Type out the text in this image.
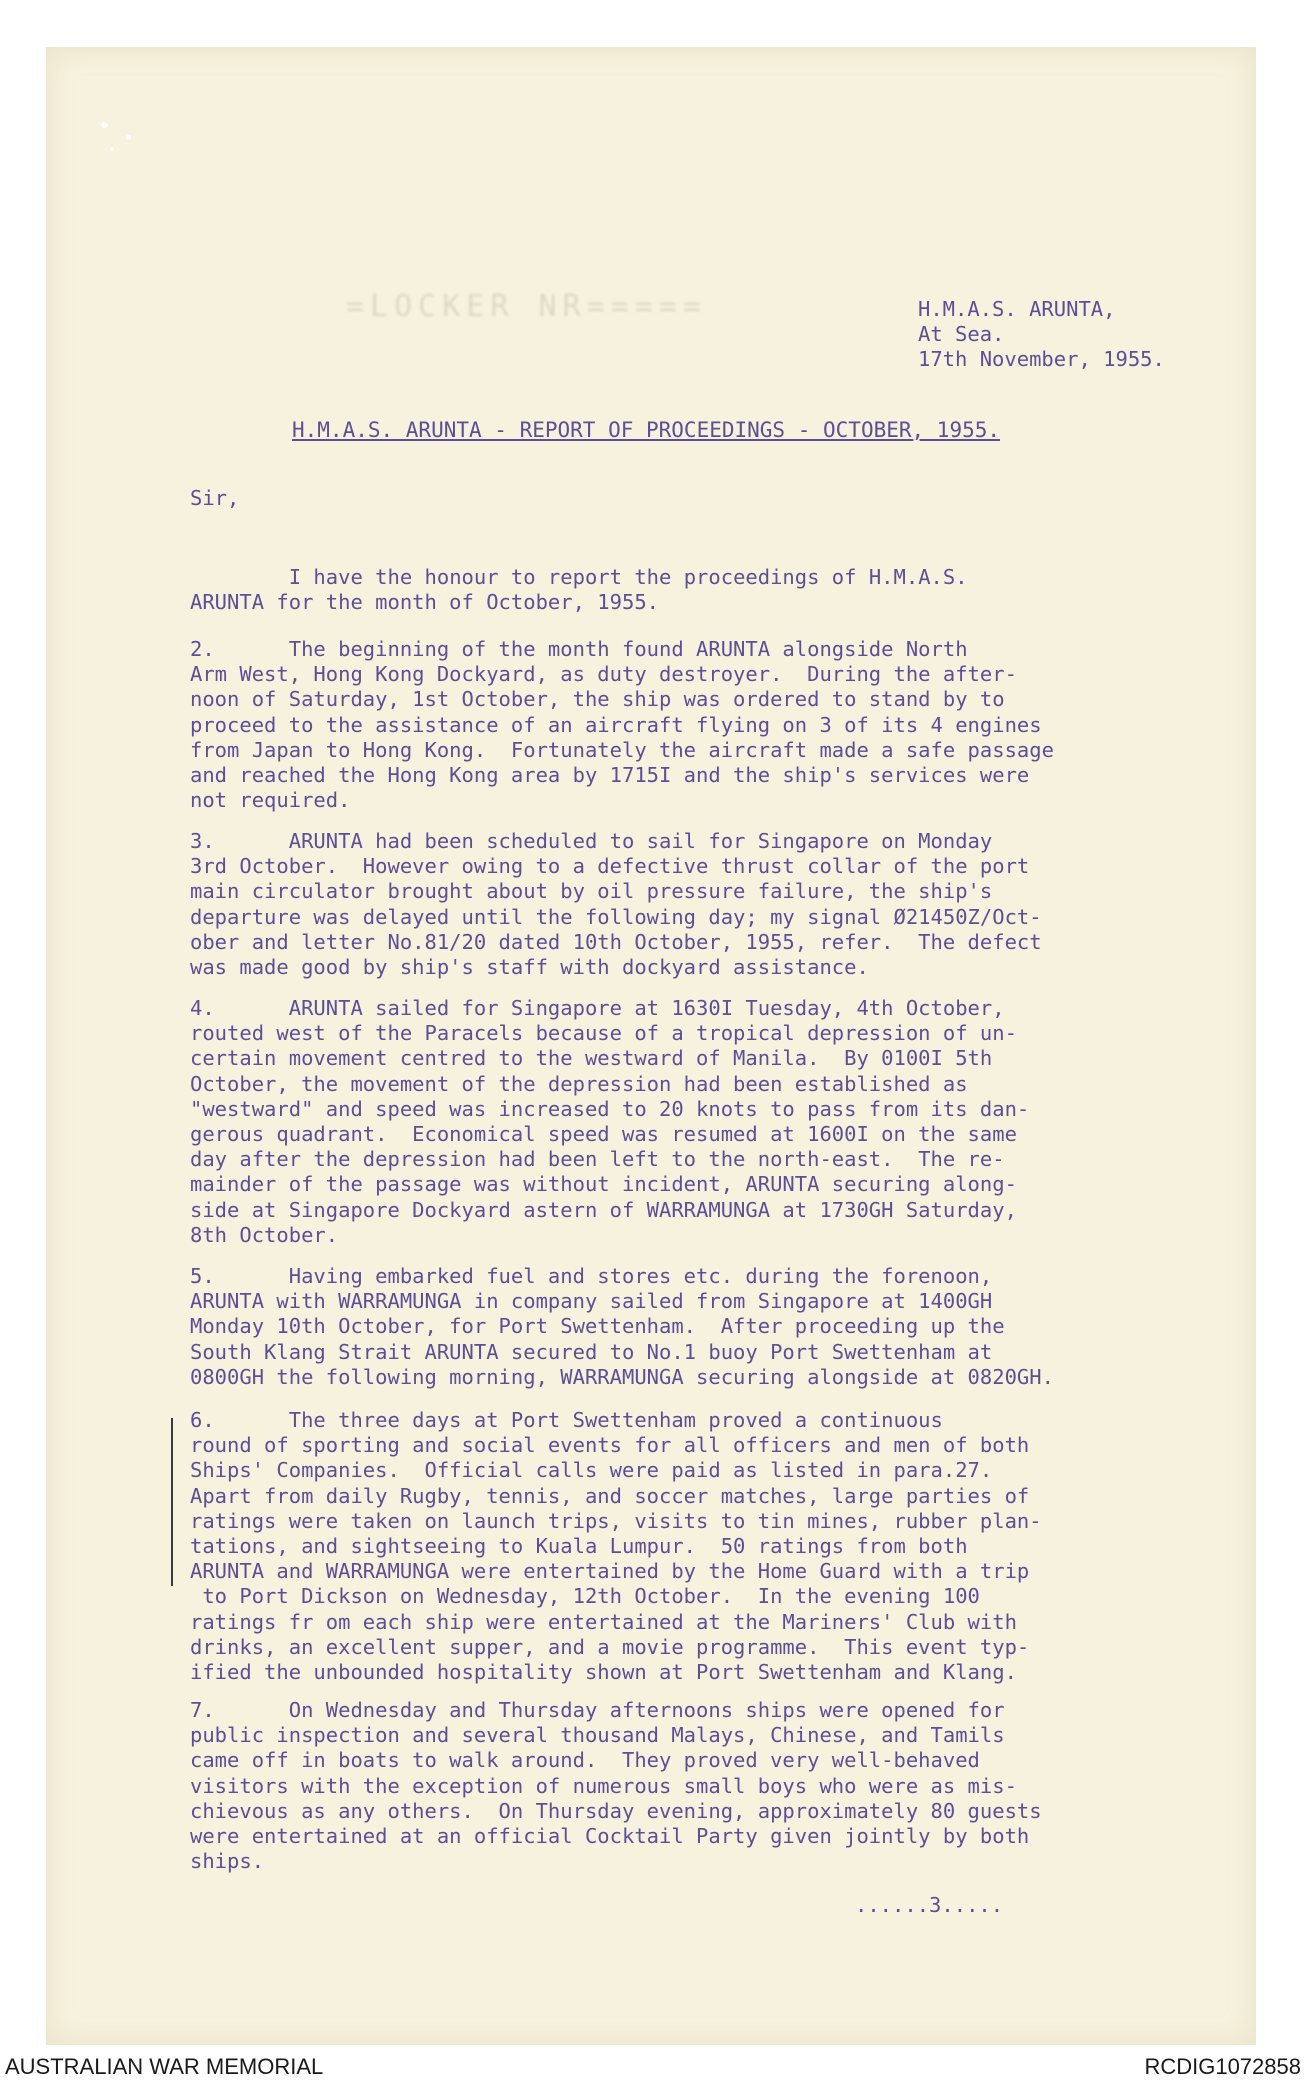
=LOCKER NR=====	H.M.A.S. ARUNTA,
At Sea.
17th November, 1955.
H.M.A.S. ARUNTA - REPORT OF PROCEEDINGS - OCTOBER, 1955.
Sir,
I have the honour to report the proceedings of H.M.A.S.
ARUNTA for the month of October, 1955.
2.      The beginning of the month found ARUNTA alongside North
Arm West, Hong Kong Dockyard, as duty destroyer.  During the after-
noon of Saturday, 1st October, the ship was ordered to stand by to
proceed to the assistance of an aircraft flying on 3 of its 4 engines
from Japan to Hong Kong.  Fortunately the aircraft made a safe passage
and reached the Hong Kong area by 1715I and the ship's services were
not required.
3.      ARUNTA had been scheduled to sail for Singapore on Monday
3rd October.  However owing to a defective thrust collar of the port
main circulator brought about by oil pressure failure, the ship's
departure was delayed until the following day; my signal Ø21450Z/Oct-
ober and letter No.81/20 dated 10th October, 1955, refer.  The defect
was made good by ship's staff with dockyard assistance.
4.      ARUNTA sailed for Singapore at 1630I Tuesday, 4th October,
routed west of the Paracels because of a tropical depression of un-
certain movement centred to the westward of Manila.  By 0100I 5th
October, the movement of the depression had been established as
"westward" and speed was increased to 20 knots to pass from its dan-
gerous quadrant.  Economical speed was resumed at 1600I on the same
day after the depression had been left to the north-east.  The re-
mainder of the passage was without incident, ARUNTA securing along-
side at Singapore Dockyard astern of WARRAMUNGA at 1730GH Saturday,
8th October.
5.      Having embarked fuel and stores etc. during the forenoon,
ARUNTA with WARRAMUNGA in company sailed from Singapore at 1400GH
Monday 10th October, for Port Swettenham.  After proceeding up the
South Klang Strait ARUNTA secured to No.1 buoy Port Swettenham at
0800GH the following morning, WARRAMUNGA securing alongside at 0820GH.
6.      The three days at Port Swettenham proved a continuous
round of sporting and social events for all officers and men of both
Ships' Companies.  Official calls were paid as listed in para.27.
Apart from daily Rugby, tennis, and soccer matches, large parties of
ratings were taken on launch trips, visits to tin mines, rubber plan-
tations, and sightseeing to Kuala Lumpur.  50 ratings from both
ARUNTA and WARRAMUNGA were entertained by the Home Guard with a trip
to Port Dickson on Wednesday, 12th October.  In the evening 100
ratings fr om each ship were entertained at the Mariners' Club with
drinks, an excellent supper, and a movie programme.  This event typ-
ified the unbounded hospitality shown at Port Swettenham and Klang.
7.      On Wednesday and Thursday afternoons ships were opened for
public inspection and several thousand Malays, Chinese, and Tamils
came off in boats to walk around.  They proved very well-behaved
visitors with the exception of numerous small boys who were as mis-
chievous as any others.  On Thursday evening, approximately 80 guests
were entertained at an official Cocktail Party given jointly by both
ships.
......3.....
AUSTRALIAN WAR MEMORIAL	RCDIG1072858
